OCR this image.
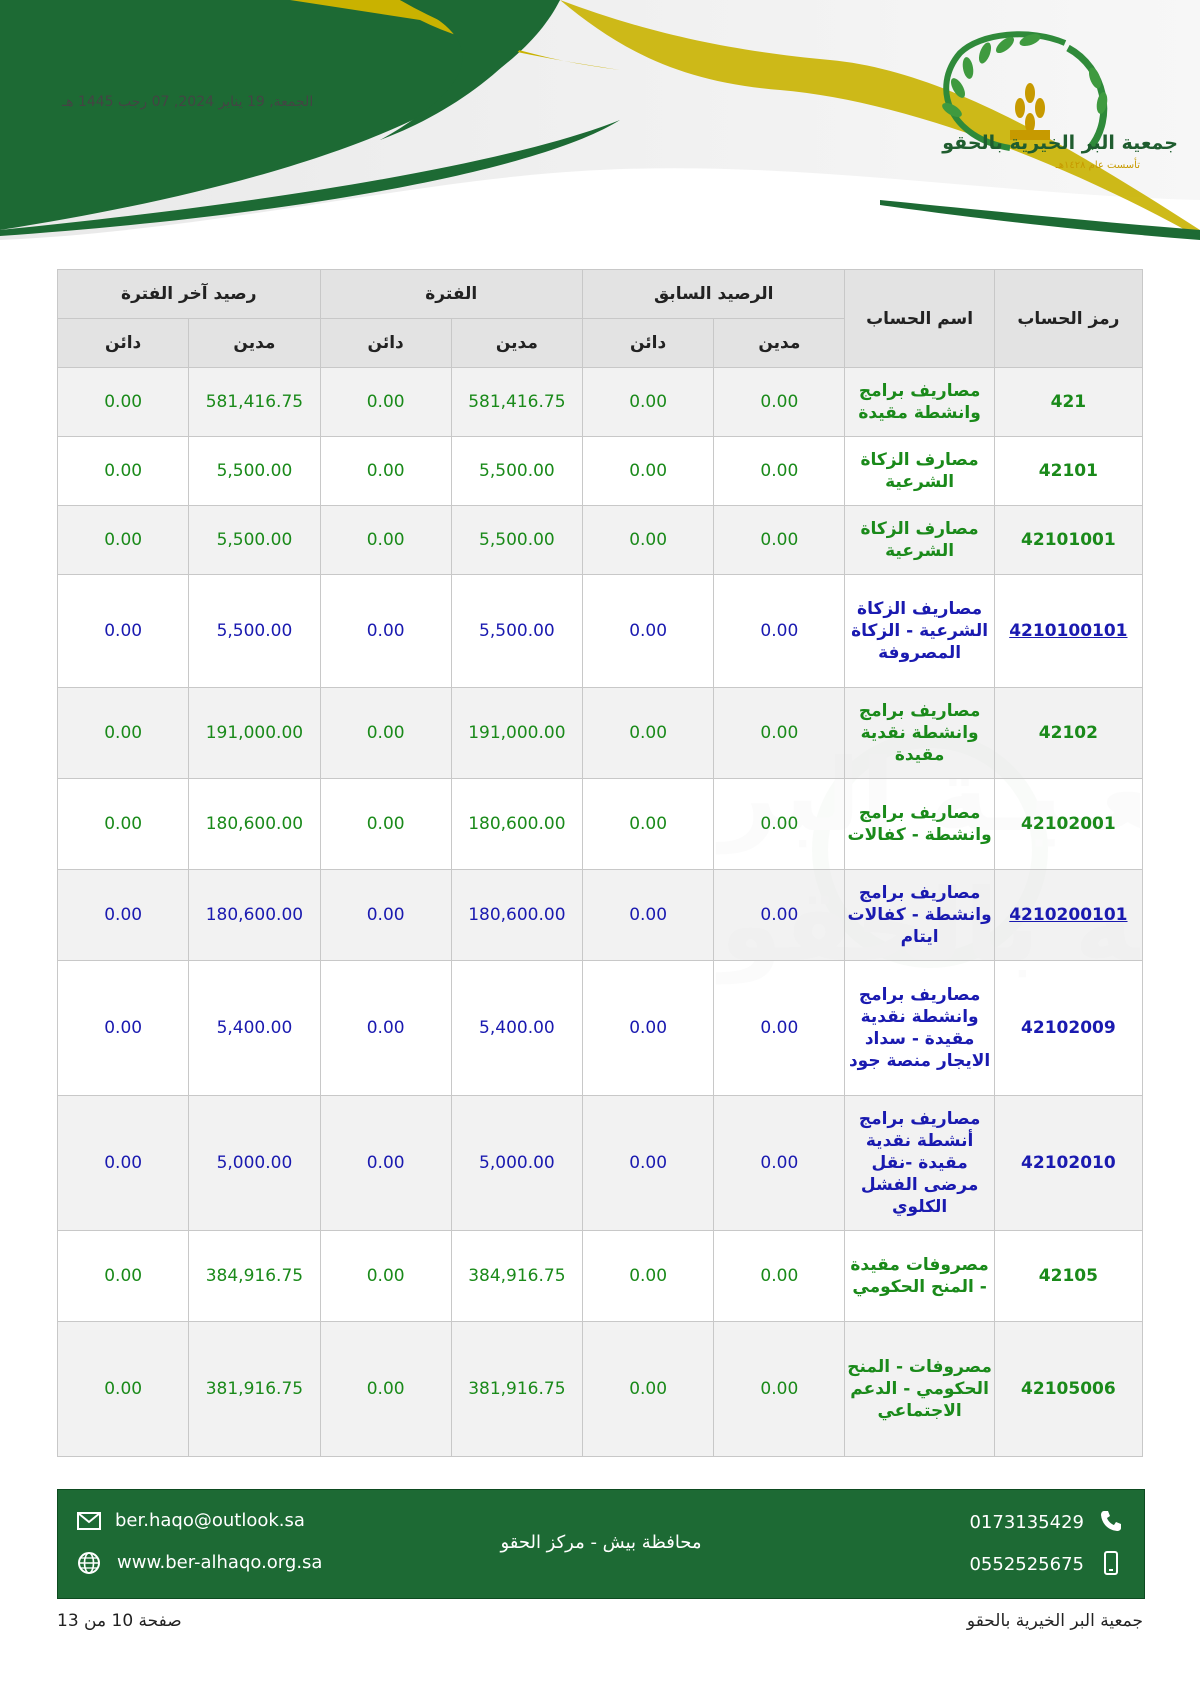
الجمعة, 19 يناير 2024, 07 رجب 1445 هـ
جمعية البر الخيرية بالحقو
تأسست عام ١٤٢٨هـ
رمز الحساب	اسم الحساب	الرصيد السابق		الفترة		رصيد آخر الفترة	
		مدين	دائن	مدين	دائن	مدين	دائن
421	مصاريف برامج وانشطة مقيدة	0.00	0.00	581,416.75	0.00	581,416.75	0.00
42101	مصارف الزكاة الشرعية	0.00	0.00	5,500.00	0.00	5,500.00	0.00
42101001	مصارف الزكاة الشرعية	0.00	0.00	5,500.00	0.00	5,500.00	0.00
4210100101	مصاريف الزكاة الشرعية - الزكاة المصروفة	0.00	0.00	5,500.00	0.00	5,500.00	0.00
42102	مصاريف برامج وانشطة نقدية مقيدة	0.00	0.00	191,000.00	0.00	191,000.00	0.00
42102001	مصاريف برامج وانشطة - كفالات	0.00	0.00	180,600.00	0.00	180,600.00	0.00
4210200101	مصاريف برامج وانشطة - كفالات ايتام	0.00	0.00	180,600.00	0.00	180,600.00	0.00
42102009	مصاريف برامج وانشطة نقدية مقيدة - سداد الايجار منصة جود	0.00	0.00	5,400.00	0.00	5,400.00	0.00
42102010	مصاريف برامج أنشطة نقدية مقيدة -نقل مرضى الفشل الكلوي	0.00	0.00	5,000.00	0.00	5,000.00	0.00
42105	مصروفات مقيدة - المنح الحكومي	0.00	0.00	384,916.75	0.00	384,916.75	0.00
42105006	مصروفات - المنح الحكومي - الدعم الاجتماعي	0.00	0.00	381,916.75	0.00	381,916.75	0.00
ber.haqo@outlook.sa
www.ber-alhaqo.org.sa
محافظة بيش - مركز الحقو
0173135429
0552525675
صفحة 10 من 13	جمعية البر الخيرية بالحقو
